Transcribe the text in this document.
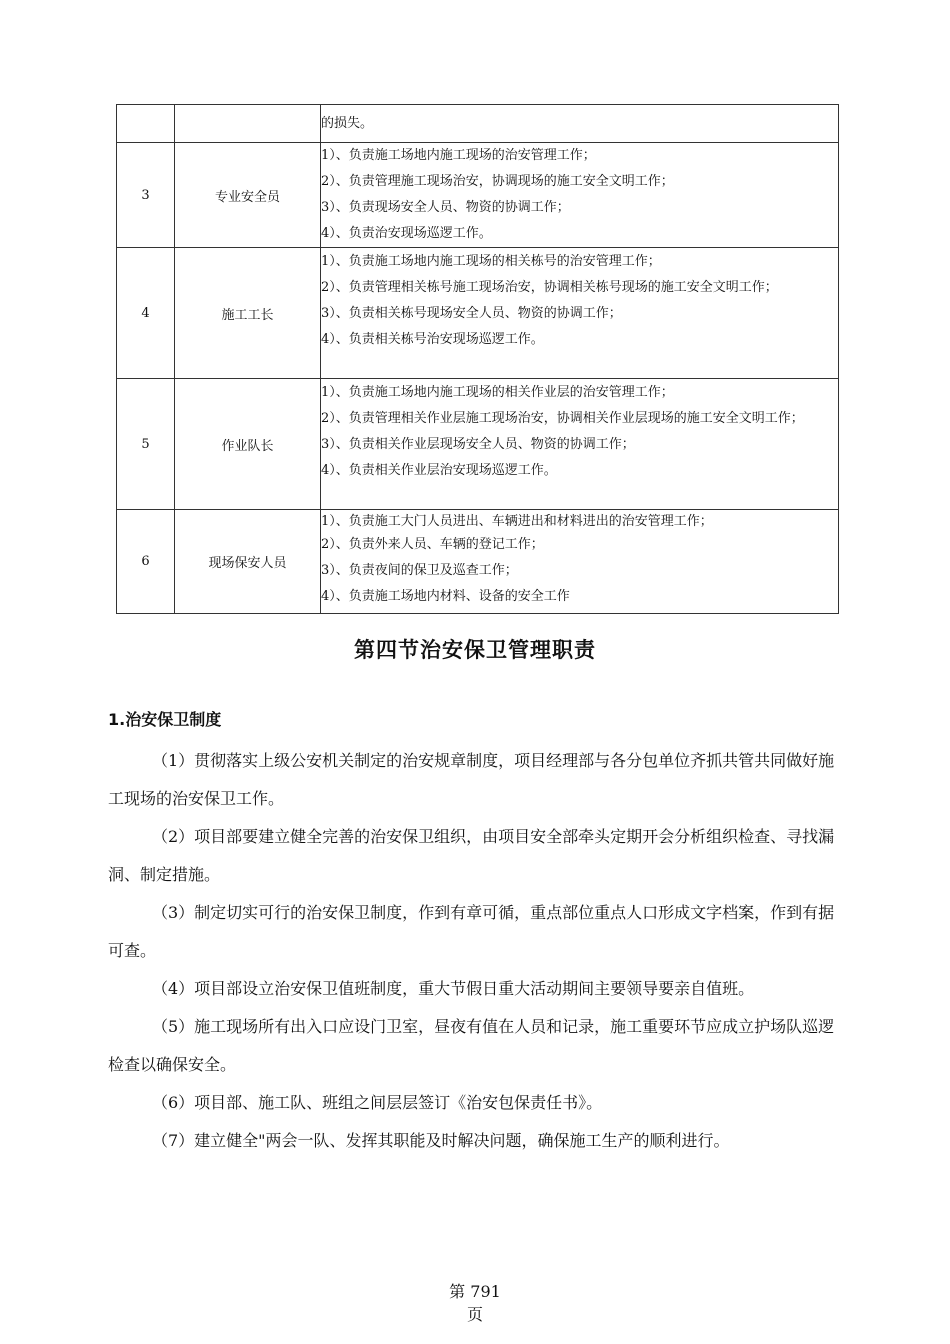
		的损失。

3	专业安全员	1）、负责施工场地内施工现场的治安管理工作；
2）、负责管理施工现场治安，协调现场的施工安全文明工作；
3）、负责现场安全人员、物资的协调工作；
4）、负责治安现场巡逻工作。

4	施工工长	1）、负责施工场地内施工现场的相关栋号的治安管理工作；
2）、负责管理相关栋号施工现场治安，协调相关栋号现场的施工安全文明工作；
3）、负责相关栋号现场安全人员、物资的协调工作；
4）、负责相关栋号治安现场巡逻工作。

5	作业队长	1）、负责施工场地内施工现场的相关作业层的治安管理工作；
2）、负责管理相关作业层施工现场治安，协调相关作业层现场的施工安全文明工作；
3）、负责相关作业层现场安全人员、物资的协调工作；
4）、负责相关作业层治安现场巡逻工作。

6	现场保安人员	1）、负责施工大门人员进出、车辆进出和材料进出的治安管理工作；
2）、负责外来人员、车辆的登记工作；
3）、负责夜间的保卫及巡查工作；
4）、负责施工场地内材料、设备的安全工作
第四节治安保卫管理职责
1.治安保卫制度

（1）贯彻落实上级公安机关制定的治安规章制度，项目经理部与各分包单位齐抓共管共同做好施工现场的治安保卫工作。

（2）项目部要建立健全完善的治安保卫组织，由项目安全部牵头定期开会分析组织检查、寻找漏洞、制定措施。

（3）制定切实可行的治安保卫制度，作到有章可循，重点部位重点人口形成文字档案，作到有据可查。

（4）项目部设立治安保卫值班制度，重大节假日重大活动期间主要领导要亲自值班。

（5）施工现场所有出入口应设门卫室，昼夜有值在人员和记录，施工重要环节应成立护场队巡逻检查以确保安全。

（6）项目部、施工队、班组之间层层签订《治安包保责任书》。

（7）建立健全"两会一队、发挥其职能及时解决问题，确保施工生产的顺利进行。

第 791
页
